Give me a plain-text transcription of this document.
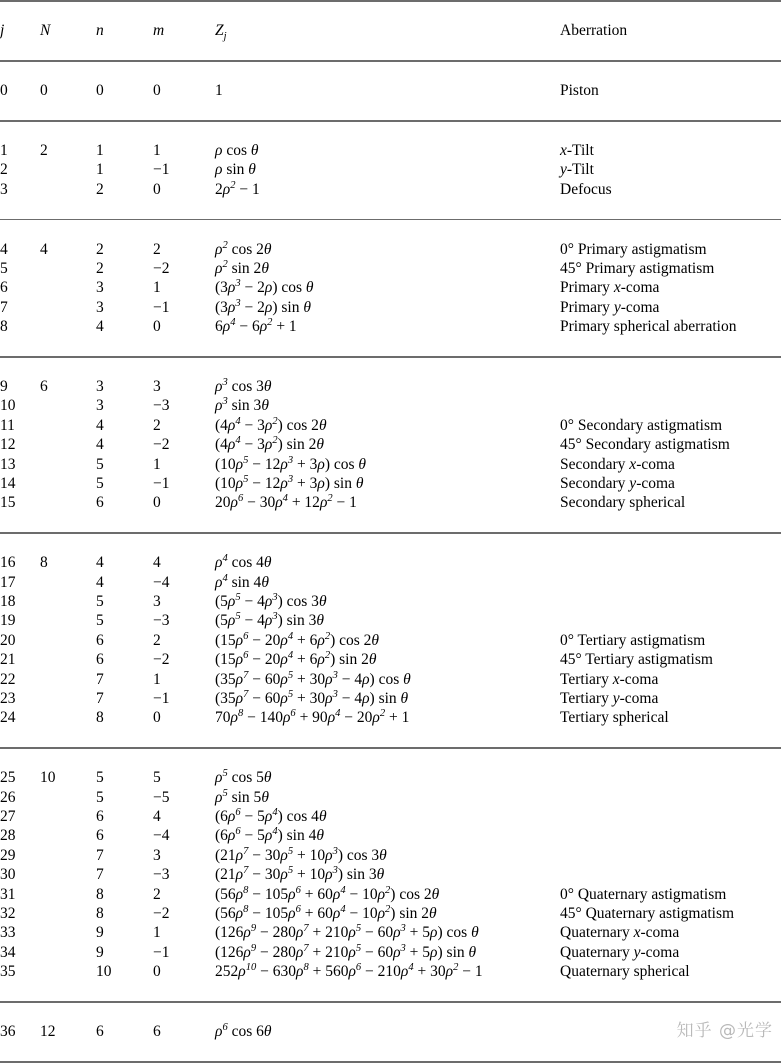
j	N	n	m	$Z_j$	Aberration

0	0	0	0	1	Piston

1	2	1	1	ρ cos θ	x-Tilt
2		1	−1	ρ sin θ	y-Tilt
3		2	0	$2\rho^2 - 1$	Defocus

4	4	2	2	$\rho^2$ cos 2θ	0° Primary astigmatism
5		2	−2	$\rho^2$ sin 2θ	45° Primary astigmatism
6		3	1	$(3\rho^3 - 2\rho)$ cos θ	Primary x-coma
7		3	−1	$(3\rho^3 - 2\rho)$ sin θ	Primary y-coma
8		4	0	$6\rho^4 - 6\rho^2 + 1$	Primary spherical aberration

9	6	3	3	$\rho^3$ cos 3θ	
10		3	−3	$\rho^3$ sin 3θ	
11		4	2	$(4\rho^4 - 3\rho^2)$ cos 2θ	0° Secondary astigmatism
12		4	−2	$(4\rho^4 - 3\rho^2)$ sin 2θ	45° Secondary astigmatism
13		5	1	$(10\rho^5 - 12\rho^3 + 3\rho)$ cos θ	Secondary x-coma
14		5	−1	$(10\rho^5 - 12\rho^3 + 3\rho)$ sin θ	Secondary y-coma
15		6	0	$20\rho^6 - 30\rho^4 + 12\rho^2 - 1$	Secondary spherical

16	8	4	4	$\rho^4$ cos 4θ	
17		4	−4	$\rho^4$ sin 4θ	
18		5	3	$(5\rho^5 - 4\rho^3)$ cos 3θ	
19		5	−3	$(5\rho^5 - 4\rho^3)$ sin 3θ	
20		6	2	$(15\rho^6 - 20\rho^4 + 6\rho^2)$ cos 2θ	0° Tertiary astigmatism
21		6	−2	$(15\rho^6 - 20\rho^4 + 6\rho^2)$ sin 2θ	45° Tertiary astigmatism
22		7	1	$(35\rho^7 - 60\rho^5 + 30\rho^3 - 4\rho)$ cos θ	Tertiary x-coma
23		7	−1	$(35\rho^7 - 60\rho^5 + 30\rho^3 - 4\rho)$ sin θ	Tertiary y-coma
24		8	0	$70\rho^8 - 140\rho^6 + 90\rho^4 - 20\rho^2 + 1$	Tertiary spherical

25	10	5	5	$\rho^5$ cos 5θ	
26		5	−5	$\rho^5$ sin 5θ	
27		6	4	$(6\rho^6 - 5\rho^4)$ cos 4θ	
28		6	−4	$(6\rho^6 - 5\rho^4)$ sin 4θ	
29		7	3	$(21\rho^7 - 30\rho^5 + 10\rho^3)$ cos 3θ	
30		7	−3	$(21\rho^7 - 30\rho^5 + 10\rho^3)$ sin 3θ	
31		8	2	$(56\rho^8 - 105\rho^6 + 60\rho^4 - 10\rho^2)$ cos 2θ	0° Quaternary astigmatism
32		8	−2	$(56\rho^8 - 105\rho^6 + 60\rho^4 - 10\rho^2)$ sin 2θ	45° Quaternary astigmatism
33		9	1	$(126\rho^9 - 280\rho^7 + 210\rho^5 - 60\rho^3 + 5\rho)$ cos θ	Quaternary x-coma
34		9	−1	$(126\rho^9 - 280\rho^7 + 210\rho^5 - 60\rho^3 + 5\rho)$ sin θ	Quaternary y-coma
35		10	0	$252\rho^{10} - 630\rho^8 + 560\rho^6 - 210\rho^4 + 30\rho^2 - 1$	Quaternary spherical

36	12	6	6	$\rho^6$ cos 6θ		知乎 @光学
